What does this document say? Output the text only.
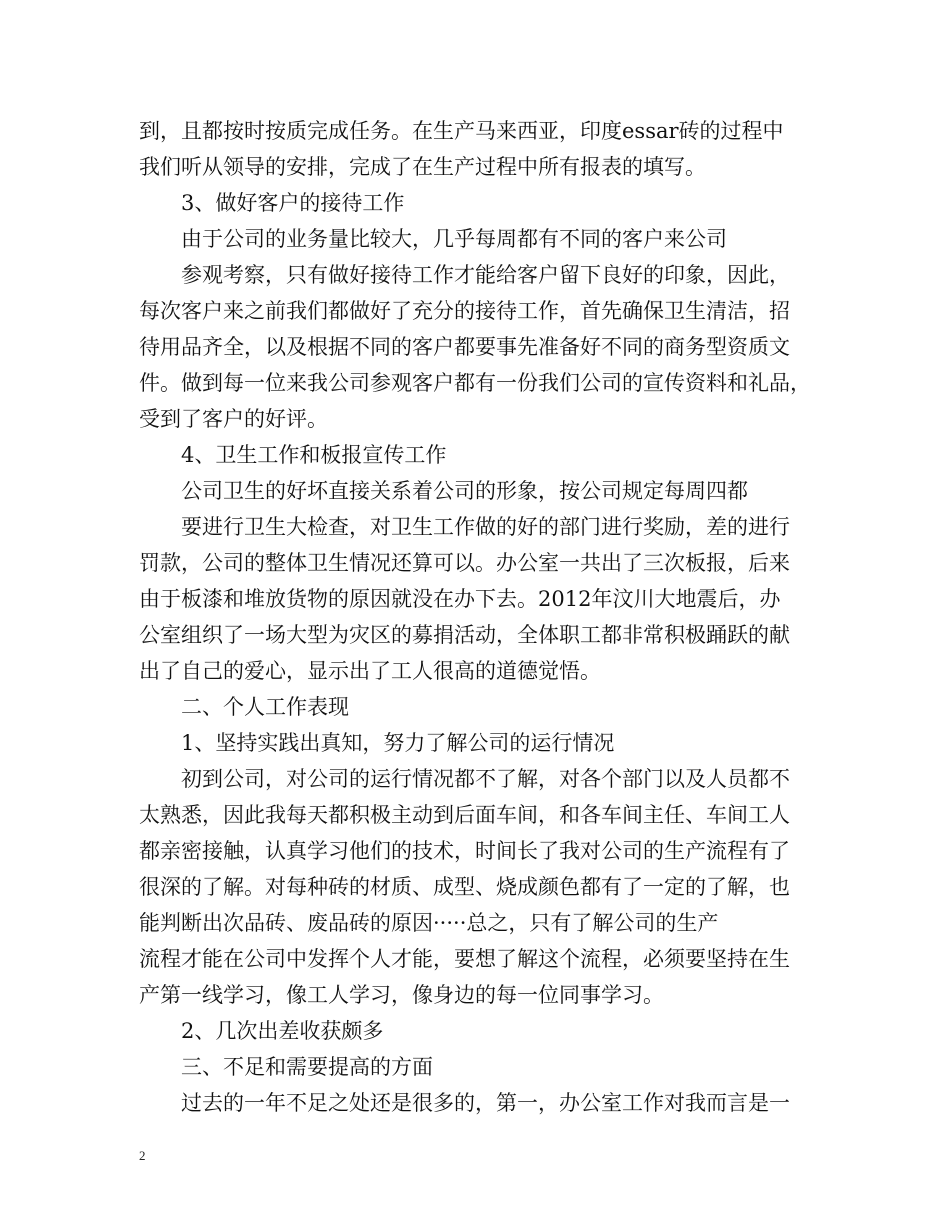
到，且都按时按质完成任务。在生产马来西亚，印度essar砖的过程中
我们听从领导的安排，完成了在生产过程中所有报表的填写。
3、做好客户的接待工作
由于公司的业务量比较大，几乎每周都有不同的客户来公司
参观考察，只有做好接待工作才能给客户留下良好的印象，因此，
每次客户来之前我们都做好了充分的接待工作，首先确保卫生清洁，招
待用品齐全，以及根据不同的客户都要事先准备好不同的商务型资质文
件。做到每一位来我公司参观客户都有一份我们公司的宣传资料和礼品，
受到了客户的好评。
4、卫生工作和板报宣传工作
公司卫生的好坏直接关系着公司的形象，按公司规定每周四都
要进行卫生大检查，对卫生工作做的好的部门进行奖励，差的进行
罚款，公司的整体卫生情况还算可以。办公室一共出了三次板报，后来
由于板漆和堆放货物的原因就没在办下去。2012年汶川大地震后，办
公室组织了一场大型为灾区的募捐活动，全体职工都非常积极踊跃的献
出了自己的爱心，显示出了工人很高的道德觉悟。
二、个人工作表现
1、坚持实践出真知，努力了解公司的运行情况
初到公司，对公司的运行情况都不了解，对各个部门以及人员都不
太熟悉，因此我每天都积极主动到后面车间，和各车间主任、车间工人
都亲密接触，认真学习他们的技术，时间长了我对公司的生产流程有了
很深的了解。对每种砖的材质、成型、烧成颜色都有了一定的了解，也
能判断出次品砖、废品砖的原因·····总之，只有了解公司的生产
流程才能在公司中发挥个人才能，要想了解这个流程，必须要坚持在生
产第一线学习，像工人学习，像身边的每一位同事学习。
2、几次出差收获颇多
三、不足和需要提高的方面
过去的一年不足之处还是很多的，第一，办公室工作对我而言是一
2
